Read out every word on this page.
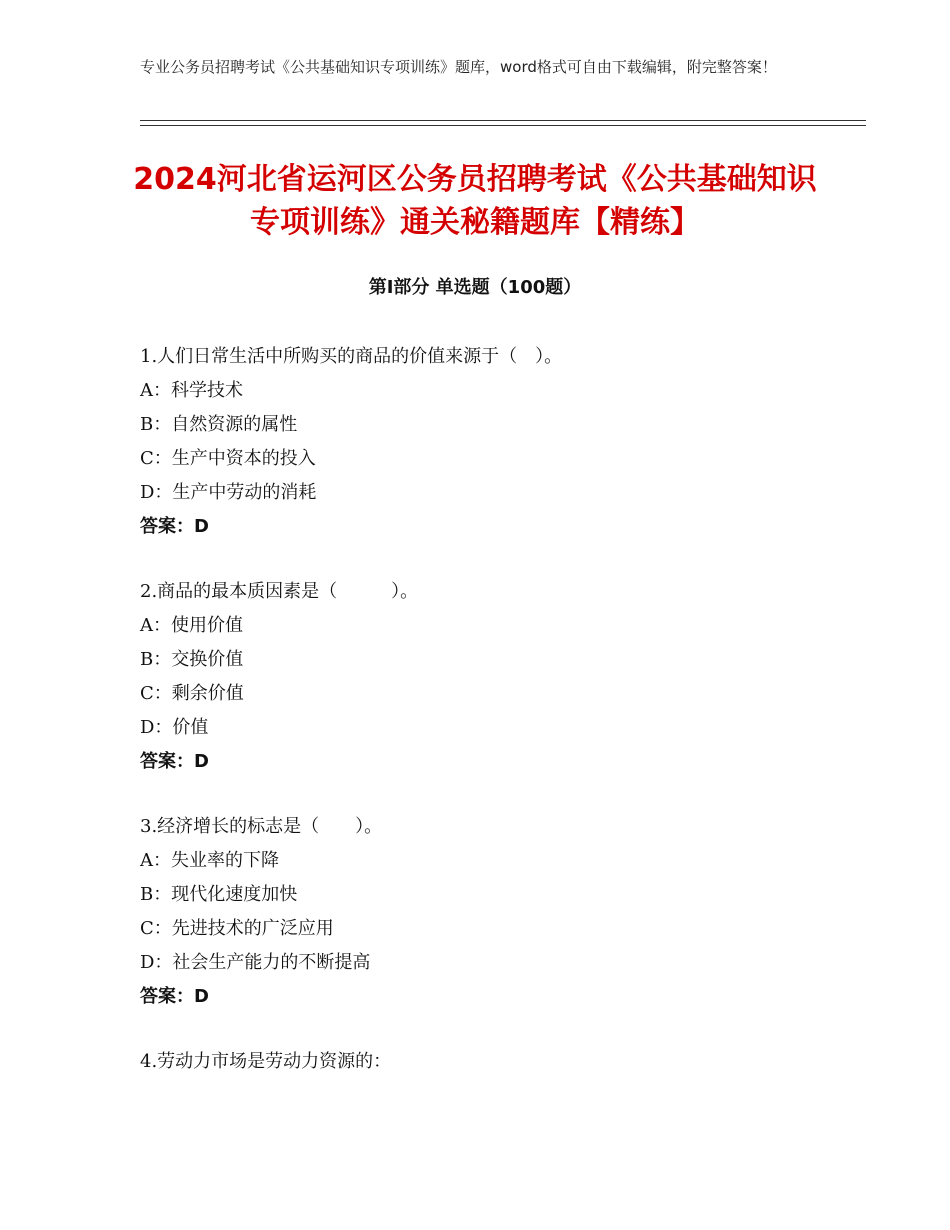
专业公务员招聘考试《公共基础知识专项训练》题库，word格式可自由下载编辑，附完整答案！
2024河北省运河区公务员招聘考试《公共基础知识专项训练》通关秘籍题库【精练】
第Ⅰ部分 单选题（100题）
1.人们日常生活中所购买的商品的价值来源于（　）。
A：科学技术
B：自然资源的属性
C：生产中资本的投入
D：生产中劳动的消耗
答案：D
2.商品的最本质因素是（　　　）。
A：使用价值
B：交换价值
C：剩余价值
D：价值
答案：D
3.经济增长的标志是（　　）。
A：失业率的下降
B：现代化速度加快
C：先进技术的广泛应用
D：社会生产能力的不断提高
答案：D
4.劳动力市场是劳动力资源的：
